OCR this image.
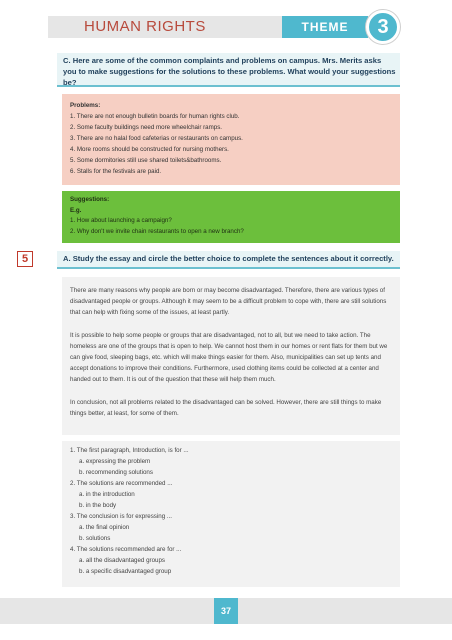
HUMAN RIGHTS	THEME	3
C. Here are some of the common complaints and problems on campus. Mrs. Merits asks you to make suggestions for the solutions to these problems. What would your suggestions be?
Problems:
1. There are not enough bulletin boards for human rights club.
2. Some faculty buildings need more wheelchair ramps.
3. There are no halal food cafeterias or restaurants on campus.
4. More rooms should be constructed for nursing mothers.
5. Some dormitories still use shared toilets&bathrooms.
6. Stalls for the festivals are paid.
Suggestions:
E.g.
1. How about launching a campaign?
2. Why don't we invite chain restaurants to open a new branch?
5	A. Study the essay and circle the better choice to complete the sentences about it correctly.

There are many reasons why people are born or may become disadvantaged. Therefore, there are various types of disadvantaged people or groups. Although it may seem to be a difficult problem to cope with, there are still solutions that can help with fixing some of the issues, at least partly.

It is possible to help some people or groups that are disadvantaged, not to all, but we need to take action. The homeless are one of the groups that is open to help. We cannot host them in our homes or rent flats for them but we can give food, sleeping bags, etc. which will make things easier for them. Also, municipalities can set up tents and accept donations to improve their conditions. Furthermore, used clothing items could be collected at a center and handed out to them. It is out of the question that these will help them much.

In conclusion, not all problems related to the disadvantaged can be solved. However, there are still things to make things better, at least, for some of them.

1. The first paragraph, Introduction, is for ...
a. expressing the problem
b. recommending solutions
2. The solutions are recommended ...
a. in the introduction
b. in the body
3. The conclusion is for expressing ...
a. the final opinion
b. solutions
4. The solutions recommended are for ...
a. all the disadvantaged groups
b. a specific disadvantaged group
37
